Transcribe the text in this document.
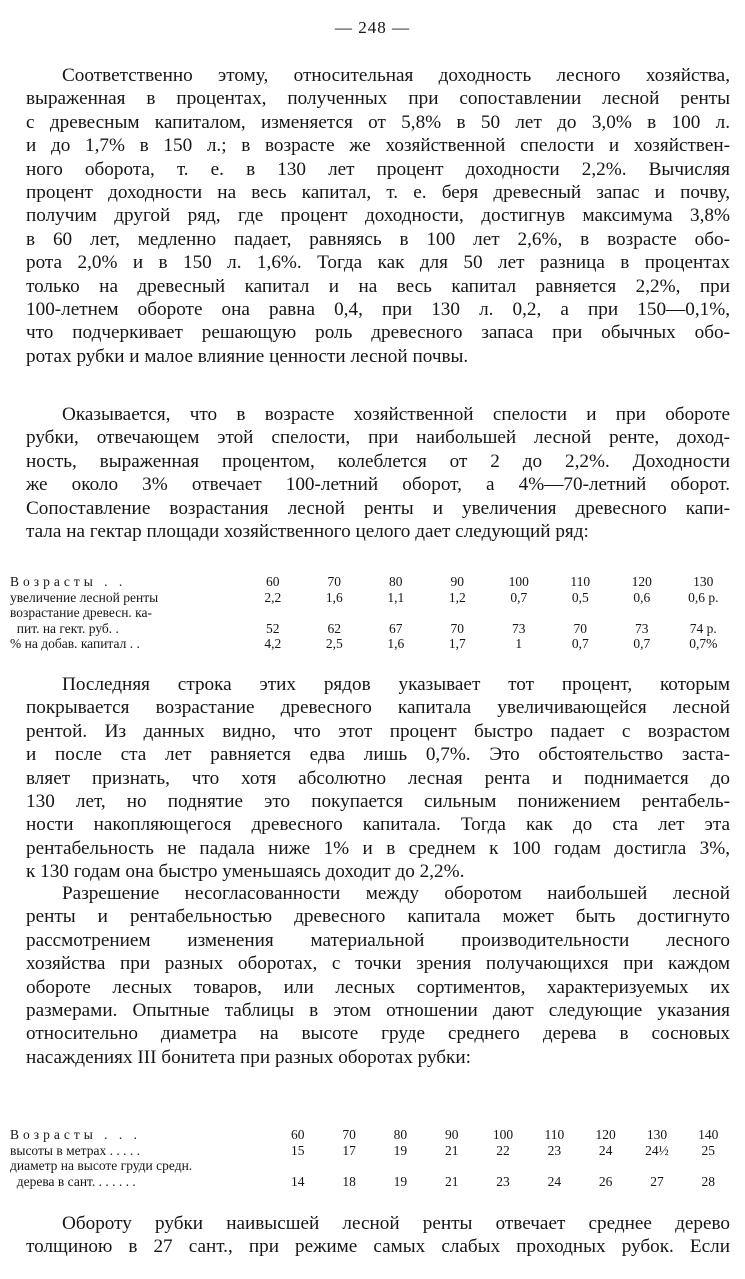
— 248 —

Соответственно этому, относительная доходность лесного хозяйства,
выраженная в процентах, полученных при сопоставлении лесной ренты
с древесным капиталом, изменяется от 5,8% в 50 лет до 3,0% в 100 л.
и до 1,7% в 150 л.; в возрасте же хозяйственной спелости и хозяйствен-
ного оборота, т. е. в 130 лет процент доходности 2,2%. Вычисляя
процент доходности на весь капитал, т. е. беря древесный запас и почву,
получим другой ряд, где процент доходности, достигнув максимума 3,8%
в 60 лет, медленно падает, равняясь в 100 лет 2,6%, в возрасте обо-
рота 2,0% и в 150 л. 1,6%. Тогда как для 50 лет разница в процентах
только на древесный капитал и на весь капитал равняется 2,2%, при
100-летнем обороте она равна 0,4, при 130 л. 0,2, а при 150—0,1%,
что подчеркивает решающую роль древесного запаса при обычных обо-
ротах рубки и малое влияние ценности лесной почвы.

Оказывается, что в возрасте хозяйственной спелости и при обороте
рубки, отвечающем этой спелости, при наибольшей лесной ренте, доход-
ность, выраженная процентом, колеблется от 2 до 2,2%. Доходности
же около 3% отвечает 100-летний оборот, а 4%—70-летний оборот.
Сопоставление возрастания лесной ренты и увеличения древесного капи-
тала на гектар площади хозяйственного целого дает следующий ряд:

Возрасты . .	60	70	80	90	100	110	120	130
увеличение лесной ренты	2,2	1,6	1,1	1,2	0,7	0,5	0,6	0,6 р.
возрастание древесн. ка-								
пит. на гект. руб. .	52	62	67	70	73	70	73	74 р.
% на добав. капитал . .	4,2	2,5	1,6	1,7	1	0,7	0,7	0,7%

Последняя строка этих рядов указывает тот процент, которым
покрывается возрастание древесного капитала увеличивающейся лесной
рентой. Из данных видно, что этот процент быстро падает с возрастом
и после ста лет равняется едва лишь 0,7%. Это обстоятельство заста-
вляет признать, что хотя абсолютно лесная рента и поднимается до
130 лет, но поднятие это покупается сильным понижением рентабель-
ности накопляющегося древесного капитала. Тогда как до ста лет эта
рентабельность не падала ниже 1% и в среднем к 100 годам достигла 3%,
к 130 годам она быстро уменьшаясь доходит до 2,2%.

Разрешение несогласованности между оборотом наибольшей лесной
ренты и рентабельностью древесного капитала может быть достигнуто
рассмотрением изменения материальной производительности лесного
хозяйства при разных оборотах, с точки зрения получающихся при каждом
обороте лесных товаров, или лесных сортиментов, характеризуемых их
размерами. Опытные таблицы в этом отношении дают следующие указания
относительно диаметра на высоте груде среднего дерева в сосновых
насаждениях III бонитета при разных оборотах рубки:

Возрасты . . .	60	70	80	90	100	110	120	130	140
высоты в метрах . . . . .	15	17	19	21	22	23	24	24½	25
диаметр на высоте груди средн.									
дерева в сант. . . . . . .	14	18	19	21	23	24	26	27	28

Обороту рубки наивысшей лесной ренты отвечает среднее дерево
толщиною в 27 сант., при режиме самых слабых проходных рубок. Если
